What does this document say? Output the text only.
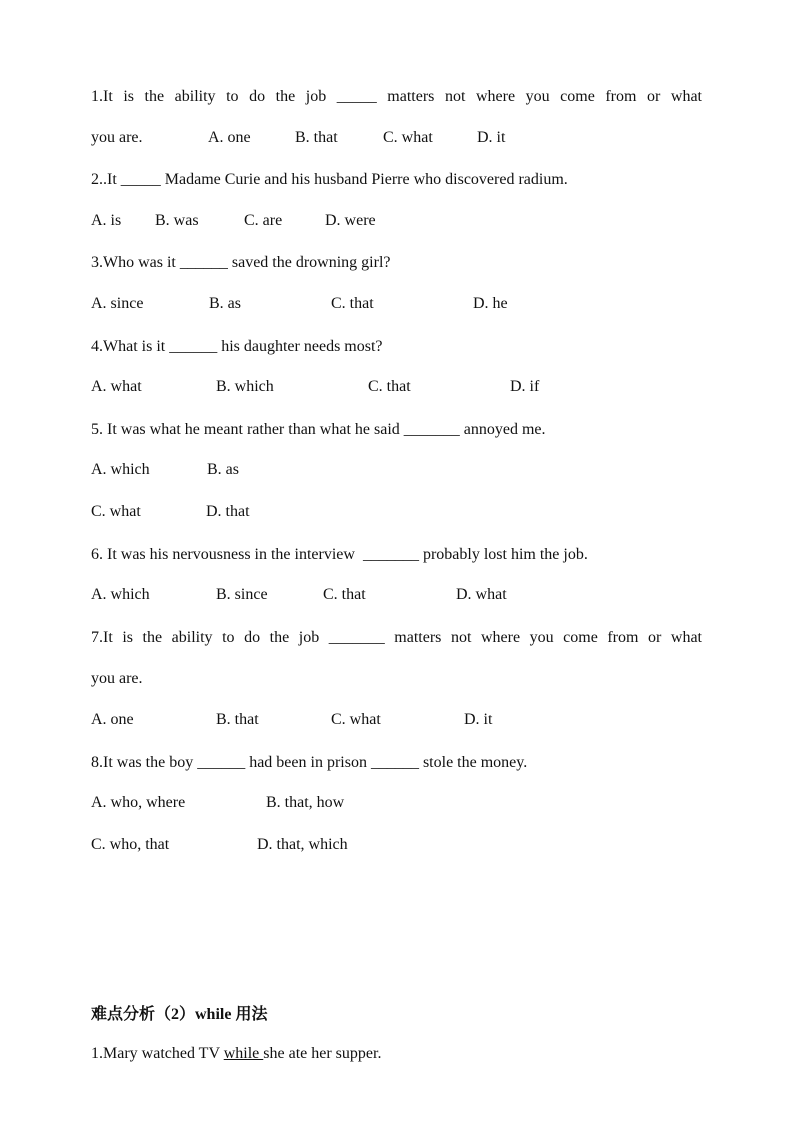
1.It is the ability to do the job _____ matters not where you come from or what
you are.	A. one	B. that	C. what	D. it
2..It _____ Madame Curie and his husband Pierre who discovered radium.
A. is B. was	C. are	D. were
3.Who was it ______ saved the drowning girl?
A. since	B. as	C. that	D. he
4.What is it ______ his daughter needs most?
A. what	B. which	C. that	D. if
5. It was what he meant rather than what he said _______ annoyed me.
A. which	B. as
C. what	D. that
6. It was his nervousness in the interview  _______ probably lost him the job.
A. which	B. since	C. that	D. what
7.It is the ability to do the job _______ matters not where you come from or what
you are.
A. one	B. that	C. what	D. it
8.It was the boy ______ had been in prison ______ stole the money.
A. who, where	B. that, how
C. who, that	D. that, which
难点分析（2）while 用法
1.Mary watched TV while she ate her supper.
